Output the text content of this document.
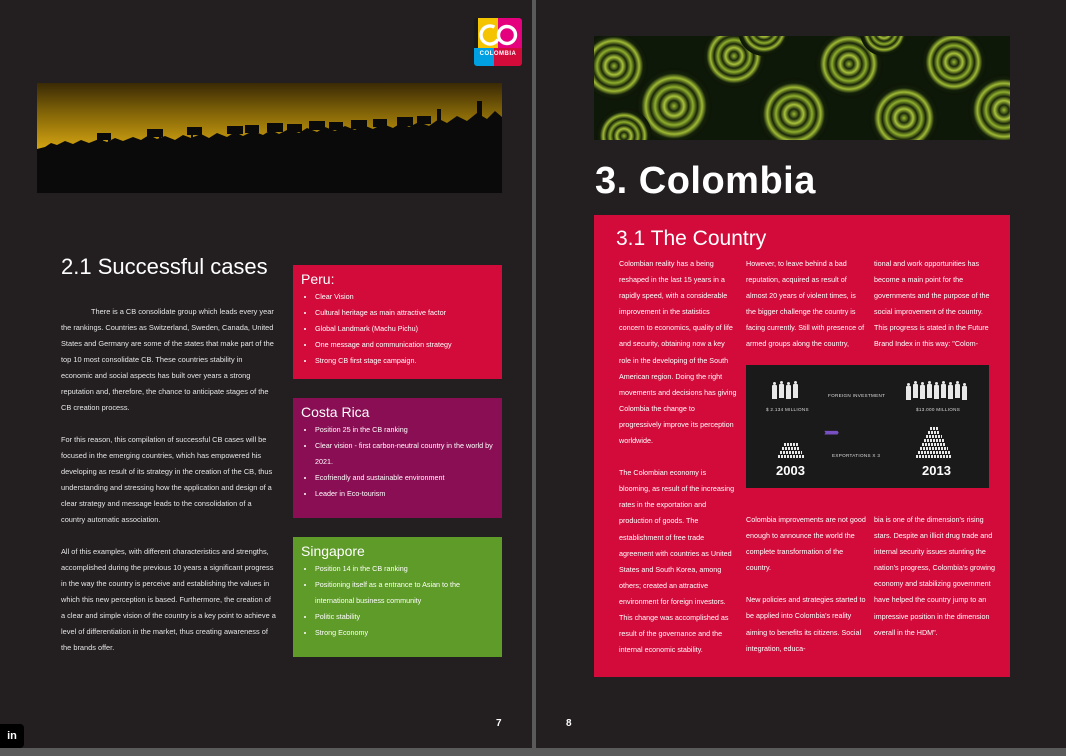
COLOMBIA
2.1 Successful cases

There is a CB consolidate group which leads every year the rankings. Countries as Switzerland, Sweden, Canada, United States and Germany are some of the states that make part of the top 10 most consolidate CB. These countries stability in economic and social aspects has built over years a strong reputation and, therefore, the chance to anticipate stages of the CB creation process.

For this reason, this compilation of successful CB cases will be focused in the emerging countries, which has empowered his developing as result of its strategy in the creation of the CB, thus understanding and stressing how the application and design of a clear strategy and message leads to the consolidation of a country automatic association.

All of this examples, with different characteristics and strengths, accomplished during the previous 10 years a significant progress in the way the country is perceive and establishing the values in which this new perception is based. Furthermore, the creation of a clear and simple vision of the country is a key point to achieve a level of differentiation in the market, thus creating awareness of the brands offer.

Peru:
• Clear Vision
• Cultural heritage as main attractive factor
• Global Landmark (Machu Pichu)
• One message and communication strategy
• Strong CB first stage campaign.
Costa Rica
• Position 25 in the CB ranking
• Clear vision - first carbon-neutral country in the world by 2021.
• Ecofriendly and sustainable environment
• Leader in Eco-tourism
Singapore
• Position 14 in the CB ranking
• Positioning itself as a entrance to Asian to the international business community
• Politic stability
• Strong Economy
7
3. Colombia
3.1 The Country

Colombian reality has a being reshaped in the last 15 years in a rapidly speed, with a considerable improvement in the statistics concern to economics, quality of life and security, obtaining now a key role in the developing of the South American region. Doing the right movements and decisions has giving Colombia the change to progressively improve its perception worldwide.

The Colombian economy is blooming, as result of the increasing rates in the exportation and production of goods. The establishment of free trade agreement with countries as United States and South Korea, among others; created an attractive environment for foreign investors. This change was accomplished as result of the governance and the internal economic stability.

However, to leave behind a bad reputation, acquired as result of almost 20 years of violent times, is the bigger challenge the country is facing currently. Still with presence of armed groups along the country,

tional and work opportunities has become a main point for the governments and the purpose of the social improvement of the country. This progress is stated in the Future Brand Index in this way: "Colom-

$ 2.134 MILLIONS
FOREIGN INVESTMENT
$13.000 MILLIONS
›››››››››››››
EXPORTATIONS X 3
2003	2013

Colombia improvements are not good enough to announce the world the complete transformation of the country.

New policies and strategies started to be applied into Colombia's reality aiming to benefits its citizens. Social integration, educa-

bia is one of the dimension's rising stars. Despite an illicit drug trade and internal security issues stunting the nation's progress, Colombia's growing economy and stabilizing government have helped the country jump to an impressive position in the dimension overall in the HDM".

8
in
